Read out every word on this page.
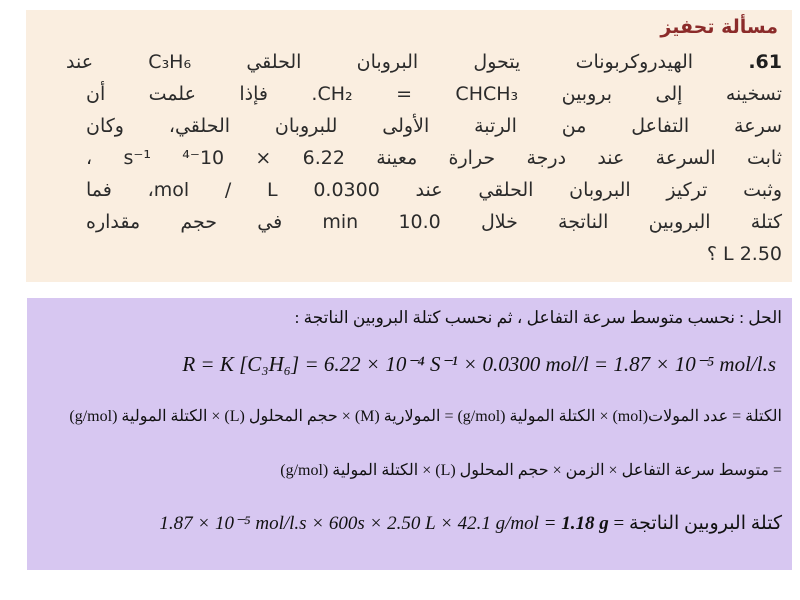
مسألة تحفيز
61. الهيدروكربونات يتحول البروبان الحلقي C₃H₆ عند
تسخينه إلى بروبين CH₂ = CHCH₃. فإذا علمت أن
سرعة التفاعل من الرتبة الأولى للبروبان الحلقي، وكان
ثابت السرعة عند درجة حرارة معينة 6.22 × 10⁻⁴ s⁻¹ ،
وثبت تركيز البروبان الحلقي عند 0.0300 mol / L، فما
كتلة البروبين الناتجة خلال 10.0 min في حجم مقداره
2.50 L ؟
الحل : نحسب متوسط سرعة التفاعل ، ثم نحسب كتلة البروبين الناتجة :
R = K [C₃H₆] = 6.22 × 10⁻⁴ S⁻¹ × 0.0300 mol/l = 1.87 × 10⁻⁵ mol/l.s
الكتلة = عدد المولات(mol) × الكتلة المولية (g/mol) = المولارية (M) × حجم المحلول (L) × الكتلة المولية (g/mol)
= متوسط سرعة التفاعل × الزمن × حجم المحلول (L) × الكتلة المولية (g/mol)
كتلة البروبين الناتجة = 1.87 × 10⁻⁵ mol/l.s × 600s × 2.50 L × 42.1 g/mol = 1.18 g
